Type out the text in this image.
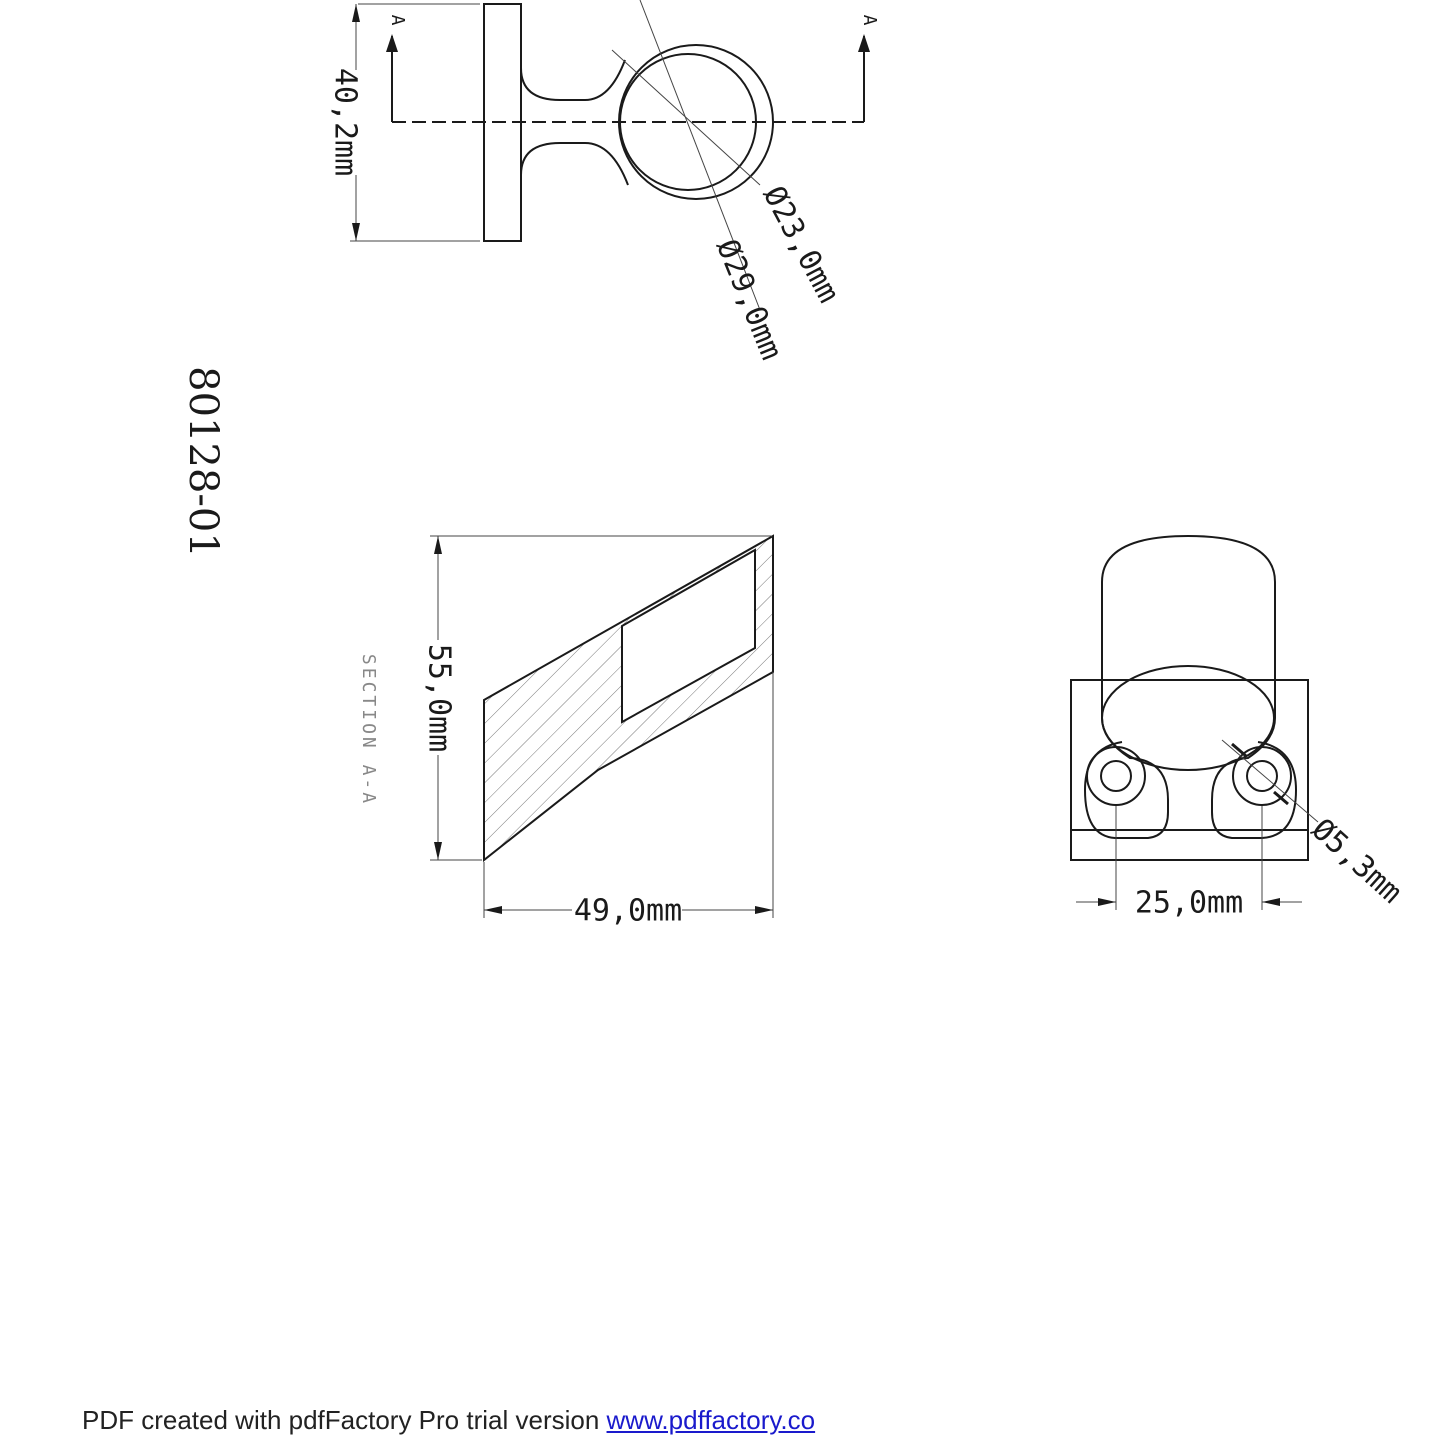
A	A
40,2mm
Ø23,0mm
Ø29,0mm
80128-01
SECTION A-A 55,0mm
49,0mm
Ø5,3mm
25,0mm
PDF created with pdfFactory Pro trial version www.pdffactory.co
